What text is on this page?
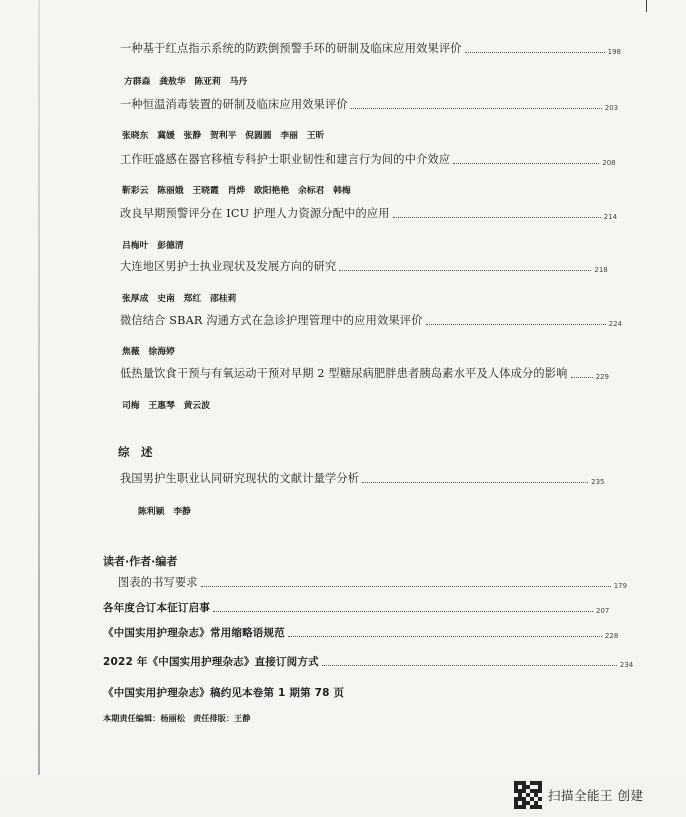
一种基于红点指示系统的防跌倒预警手环的研制及临床应用效果评价	198
方群森　龚敖华　陈亚莉　马丹
一种恒温消毒装置的研制及临床应用效果评价	203
张晓东　冀媛　张静　贺利平　倪圆圆　李丽　王昕
工作旺盛感在器官移植专科护士职业韧性和建言行为间的中介效应	208
靳彩云　陈丽娥　王晓霞　肖烨　欧阳艳艳　余标君　韩梅
改良早期预警评分在 ICU 护理人力资源分配中的应用	214
吕梅叶　彭德清
大连地区男护士执业现状及发展方向的研究	218
张厚成　史南　郑红　邵桂莉
微信结合 SBAR 沟通方式在急诊护理管理中的应用效果评价	224
焦薇　徐海婷
低热量饮食干预与有氧运动干预对早期 2 型糖尿病肥胖患者胰岛素水平及人体成分的影响	229
司梅　王惠琴　黄云波
综　述
我国男护生职业认同研究现状的文献计量学分析	235
陈利颖　李静
读者·作者·编者
图表的书写要求	179
各年度合订本征订启事	207
《中国实用护理杂志》常用缩略语规范	228
2022 年《中国实用护理杂志》直接订阅方式	234
《中国实用护理杂志》稿约见本卷第 1 期第 78 页
本期责任编辑：杨丽松　责任排版：王静
扫描全能王 创建
